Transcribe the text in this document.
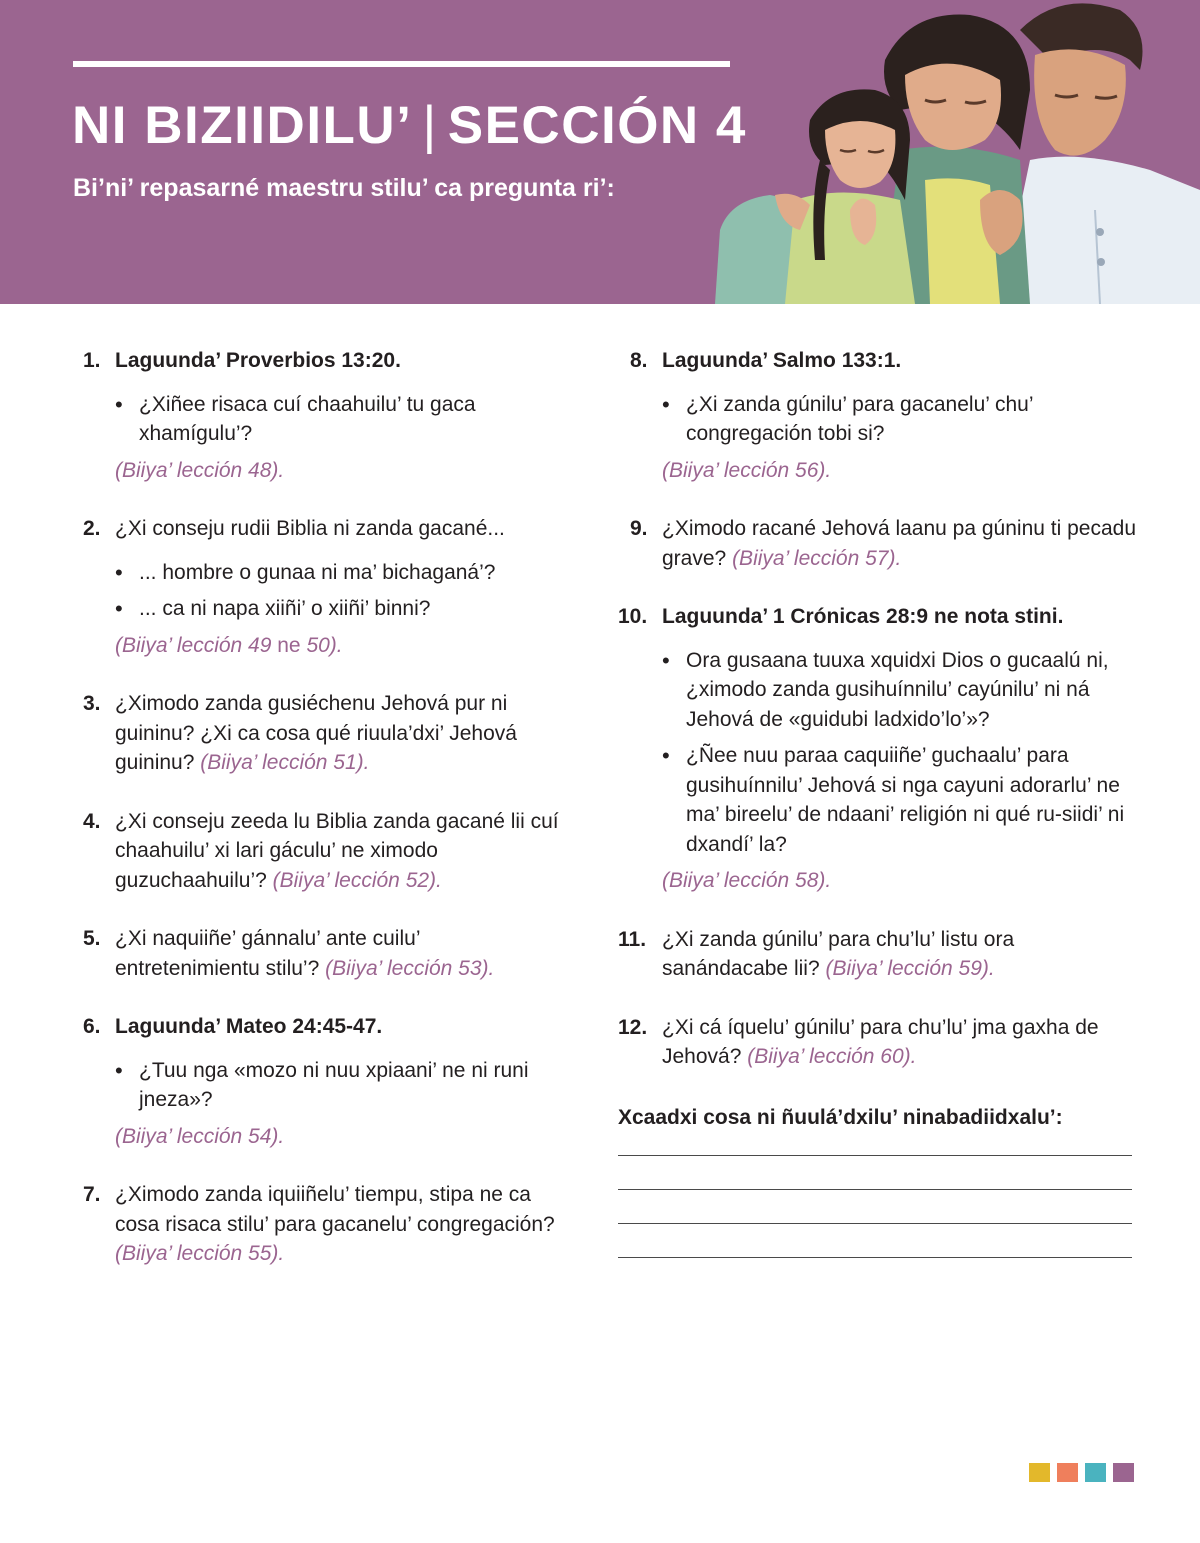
NI BIZIIDILU’ | SECCIÓN 4
Bi’ni’ repasarné maestru stilu’ ca pregunta ri’:
1. Laguunda’ Proverbios 13:20.
• ¿Xiñee risaca cuí chaahuilu’ tu gaca xhamígulu’?
(Biiya’ lección 48).
2. ¿Xi conseju rudii Biblia ni zanda gacané...
• ... hombre o gunaa ni ma’ bichaganá’?
• ... ca ni napa xiiñi’ o xiiñi’ binni?
(Biiya’ lección 49 ne 50).
3. ¿Ximodo zanda gusiéchenu Jehová pur ni guininu? ¿Xi ca cosa qué riuula’dxi’ Jehová guininu? (Biiya’ lección 51).
4. ¿Xi conseju zeeda lu Biblia zanda gacané lii cuí chaahuilu’ xi lari gáculu’ ne ximodo guzuchaahuilu’? (Biiya’ lección 52).
5. ¿Xi naquiiñe’ gánnalu’ ante cuilu’ entretenimientu stilu’? (Biiya’ lección 53).
6. Laguunda’ Mateo 24:45-47.
• ¿Tuu nga «mozo ni nuu xpiaani’ ne ni runi jneza»?
(Biiya’ lección 54).
7. ¿Ximodo zanda iquiiñelu’ tiempu, stipa ne ca cosa risaca stilu’ para gacanelu’ congregación? (Biiya’ lección 55).
8. Laguunda’ Salmo 133:1.
• ¿Xi zanda gúnilu’ para gacanelu’ chu’ congregación tobi si?
(Biiya’ lección 56).
9. ¿Ximodo racané Jehová laanu pa gúninu ti pecadu grave? (Biiya’ lección 57).
10. Laguunda’ 1 Crónicas 28:9 ne nota stini.
• Ora gusaana tuuxa xquidxi Dios o gucaalú ni, ¿ximodo zanda gusihuínnilu’ cayúnilu’ ni ná Jehová de «guidubi ladxido’lo’»?
• ¿Ñee nuu paraa caquiiñe’ guchaalu’ para gusihuínnilu’ Jehová si nga cayuni adorarlu’ ne ma’ bireelu’ de ndaani’ religión ni qué ru-siidi’ ni dxandí’ la?
(Biiya’ lección 58).
11. ¿Xi zanda gúnilu’ para chu’lu’ listu ora sanándacabe lii? (Biiya’ lección 59).
12. ¿Xi cá íquelu’ gúnilu’ para chu’lu’ jma gaxha de Jehová? (Biiya’ lección 60).
Xcaadxi cosa ni ñuulá’dxilu’ ninabadiidxalu’:
